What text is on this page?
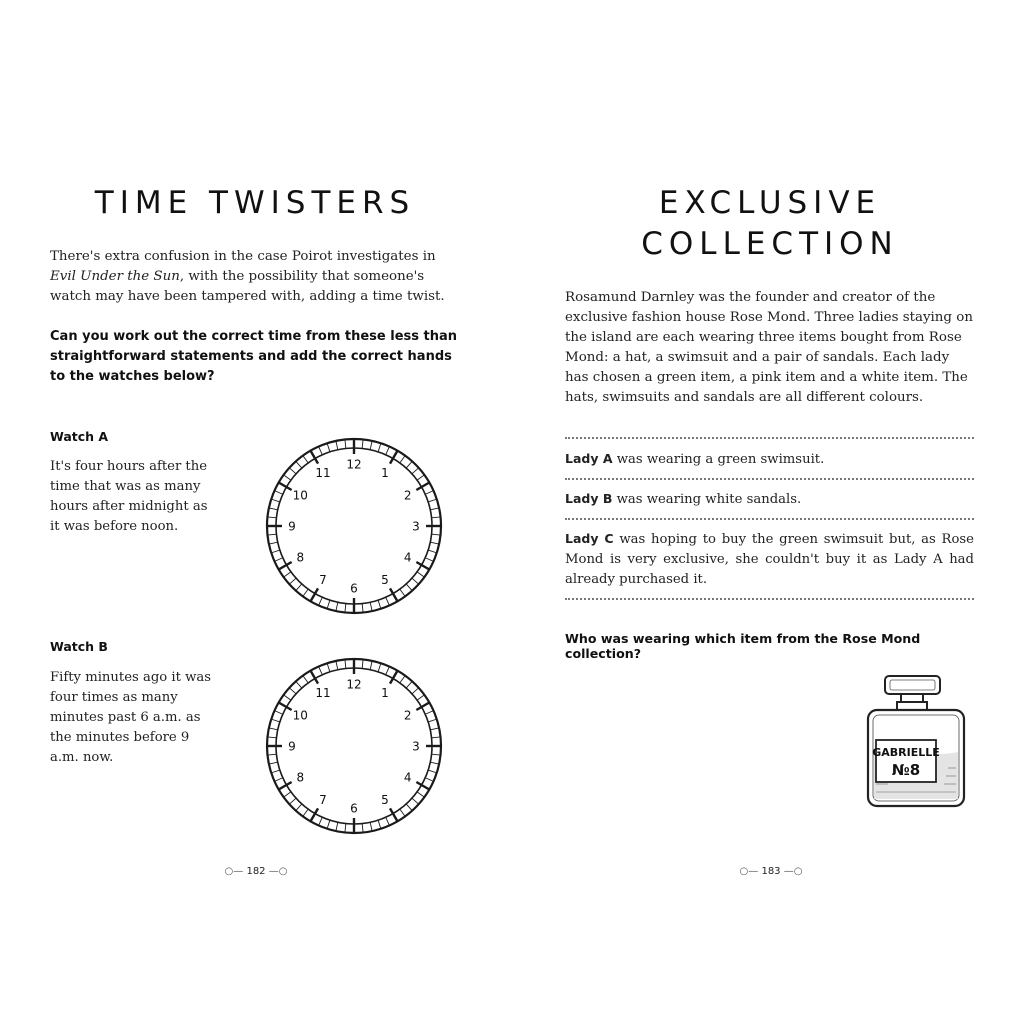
TIME TWISTERS

There's extra confusion in the case Poirot investigates in Evil Under the Sun, with the possibility that someone's watch may have been tampered with, adding a time twist.

Can you work out the correct time from these less than straightforward statements and add the correct hands to the watches below?

Watch A

It's four hours after the time that was as many hours after midnight as it was before noon.

12
1
2
3
4
5
6
7
8
9
10
11

Watch B

Fifty minutes ago it was four times as many minutes past 6 a.m. as the minutes before 9 a.m. now.

12
1
2
3
4
5
6
7
8
9
10
11
○— 182 —○
EXCLUSIVE
COLLECTION

Rosamund Darnley was the founder and creator of the exclusive fashion house Rose Mond. Three ladies staying on the island are each wearing three items bought from Rose Mond: a hat, a swimsuit and a pair of sandals. Each lady has chosen a green item, a pink item and a white item. The hats, swimsuits and sandals are all different colours.

Lady A was wearing a green swimsuit.

Lady B was wearing white sandals.

Lady C was hoping to buy the green swimsuit but, as Rose Mond is very exclusive, she couldn't buy it as Lady A had already purchased it.

Who was wearing which item from the Rose Mond collection?

GABRIELLE
№8
○— 183 —○
